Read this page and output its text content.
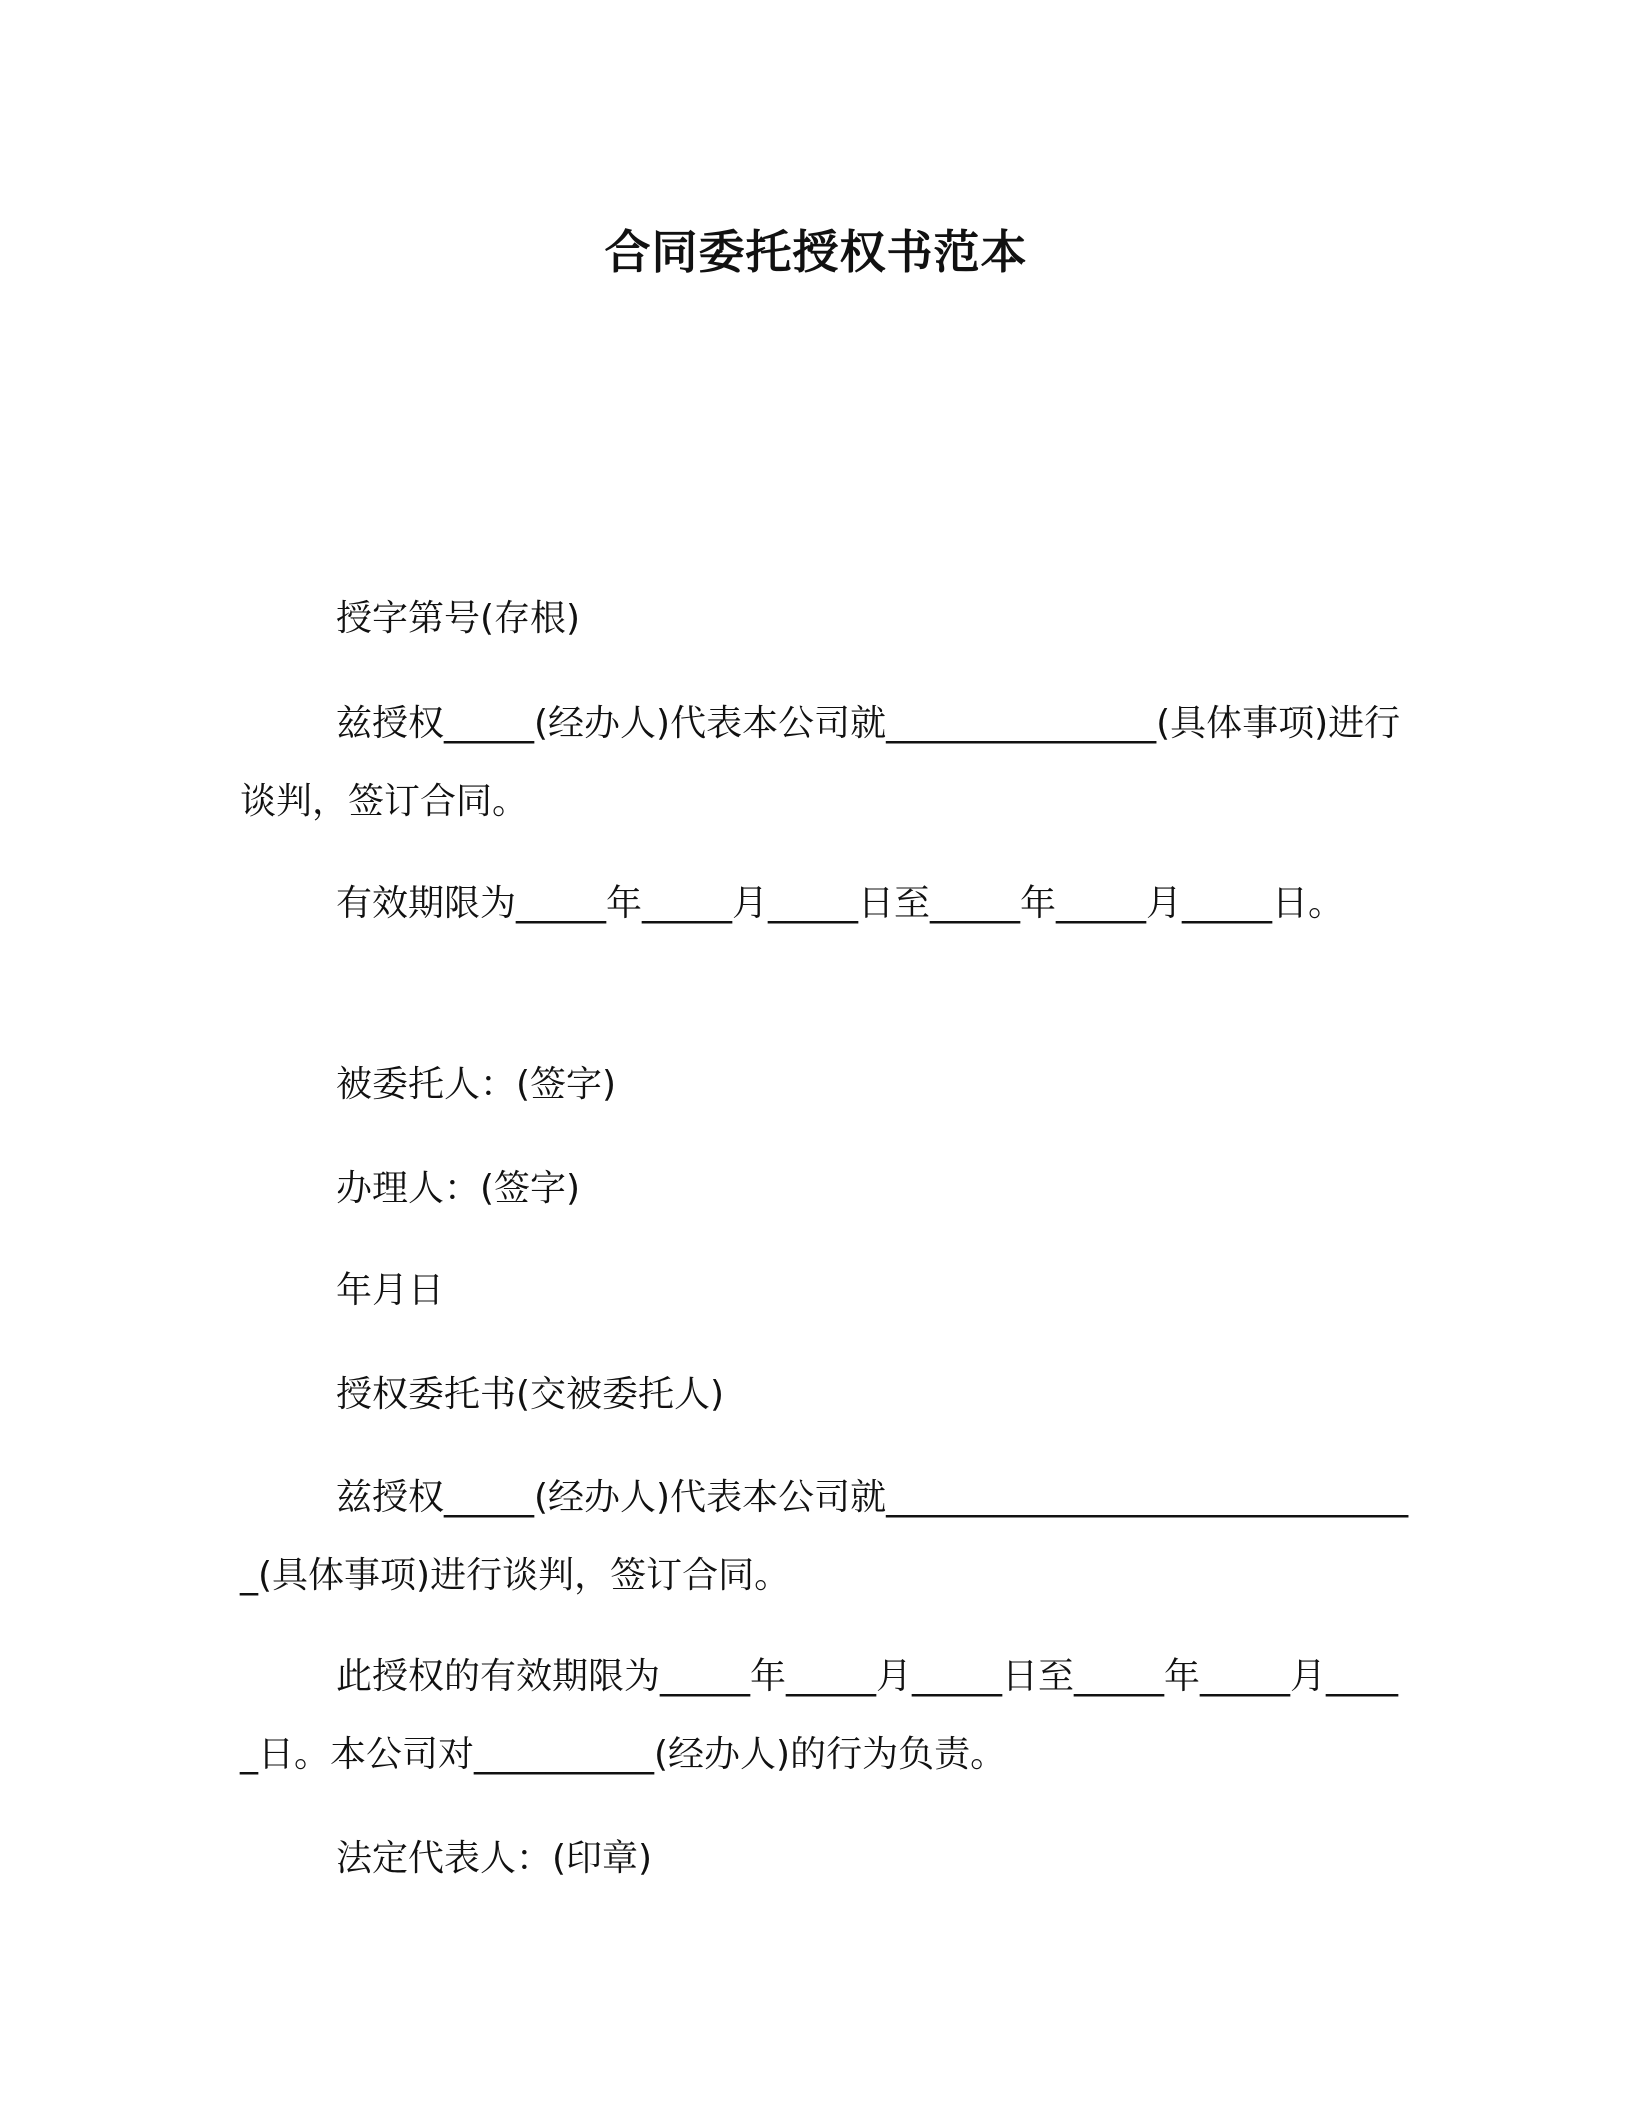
合同委托授权书范本
授字第号(存根)
兹授权_____(经办人)代表本公司就_______________(具体事项)进行谈判，签订合同。
有效期限为_____年_____月_____日至_____年_____月_____日。
被委托人：(签字)
办理人：(签字)
年月日
授权委托书(交被委托人)
兹授权_____(经办人)代表本公司就______________________________(具体事项)进行谈判，签订合同。
此授权的有效期限为_____年_____月_____日至_____年_____月_____日。本公司对__________(经办人)的行为负责。
法定代表人：(印章)
